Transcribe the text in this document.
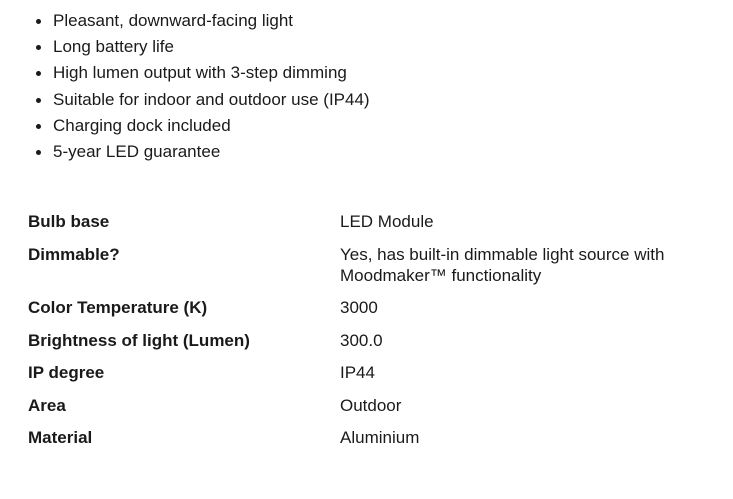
Pleasant, downward-facing light
Long battery life
High lumen output with 3-step dimming
Suitable for indoor and outdoor use (IP44)
Charging dock included
5-year LED guarantee
Bulb base	LED Module
Dimmable?	Yes, has built-in dimmable light source with Moodmaker™ functionality
Color Temperature (K)	3000
Brightness of light (Lumen)	300.0
IP degree	IP44
Area	Outdoor
Material	Aluminium
